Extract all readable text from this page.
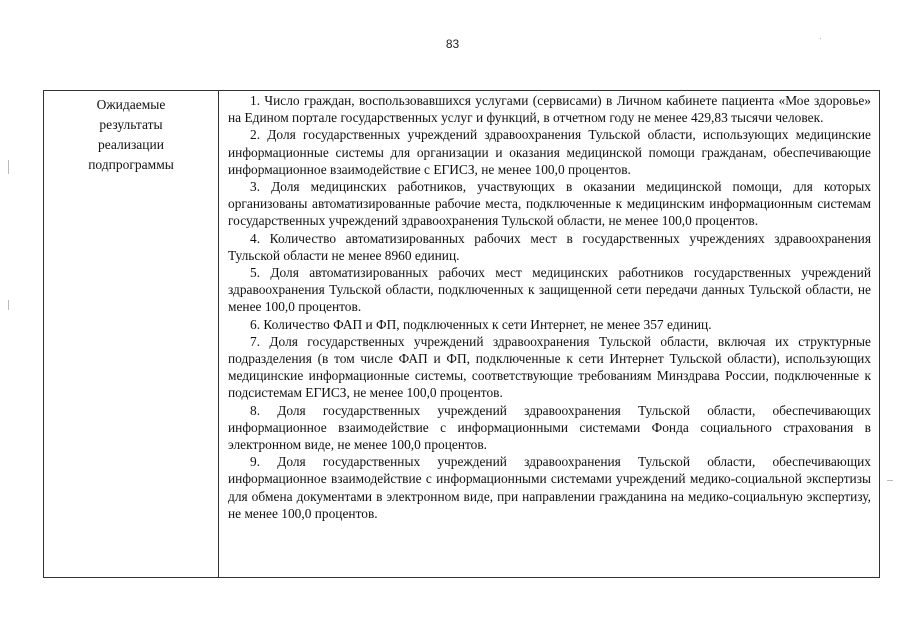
83
Ожидаемые
результаты
реализации
подпрограммы

1. Число граждан, воспользовавшихся услугами (сервисами) в Личном кабинете пациента «Мое здоровье» на Едином портале государственных услуг и функций, в отчетном году не менее 429,83 тысячи человек.

2. Доля государственных учреждений здравоохранения Тульской области, использующих медицинские информационные системы для организации и оказания медицинской помощи гражданам, обеспечивающие информационное взаимодействие с ЕГИСЗ, не менее 100,0 процентов.

3. Доля медицинских работников, участвующих в оказании медицинской помощи, для которых организованы автоматизированные рабочие места, подключенные к медицинским информационным системам государственных учреждений здравоохранения Тульской области, не менее 100,0 процентов.

4. Количество автоматизированных рабочих мест в государственных учреждениях здравоохранения Тульской области не менее 8960 единиц.

5. Доля автоматизированных рабочих мест медицинских работников государственных учреждений здравоохранения Тульской области, подключенных к защищенной сети передачи данных Тульской области, не менее 100,0 процентов.

6. Количество ФАП и ФП, подключенных к сети Интернет, не менее 357 единиц.

7. Доля государственных учреждений здравоохранения Тульской области, включая их структурные подразделения (в том числе ФАП и ФП, подключенные к сети Интернет Тульской области), использующих медицинские информационные системы, соответствующие требованиям Минздрава России, подключенные к подсистемам ЕГИСЗ, не менее 100,0 процентов.

8. Доля государственных учреждений здравоохранения Тульской области, обеспечивающих информационное взаимодействие с информационными системами Фонда социального страхования в электронном виде, не менее 100,0 процентов.

9. Доля государственных учреждений здравоохранения Тульской области, обеспечивающих информационное взаимодействие с информационными системами учреждений медико-социальной экспертизы для обмена документами в электронном виде, при направлении гражданина на медико-социальную экспертизу, не менее 100,0 процентов.
